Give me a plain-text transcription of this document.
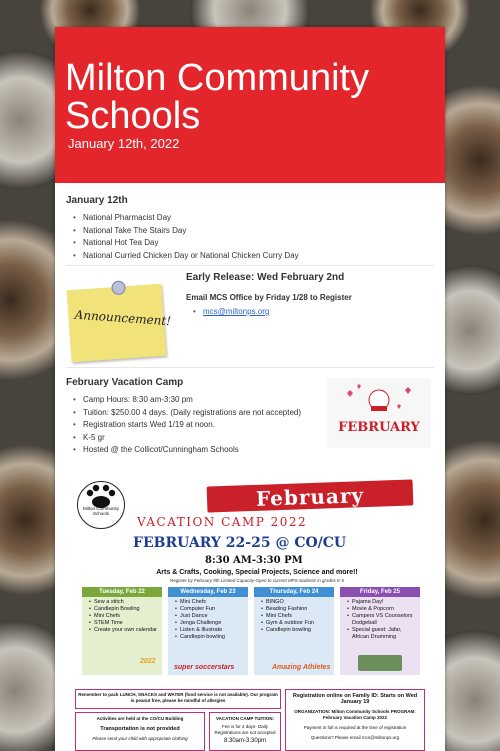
Milton Community Schools
January 12th, 2022
January 12th
• National Pharmacist Day
• National Take The Stairs Day
• National Hot Tea Day
• National Curried Chicken Day or National Chicken Curry Day
Announcement!
Early Release: Wed February 2nd
Email MCS Office by Friday 1/28 to Register
• mcs@miltonps.org
February Vacation Camp
• Camp Hours: 8:30 am-3:30 pm
• Tuition: $250.00 4 days. (Daily registrations are not accepted)
• Registration starts Wed 1/19 at noon.
• K-5 gr
• Hosted @ the Collicot/Cunningham Schools
FEBRUARY
Milton Community Schools
February
VACATION CAMP 2022
FEBRUARY 22-25 @ CO/CU
8:30 AM-3:30 PM
Arts & Crafts, Cooking, Special Projects, Science and more!!
Register by February 9th Limited Capacity-Open to current MPS students in grades K-5
Tuesday, Feb 22
• Sew a stitch
• Candlepin Bowling
• Mini Chefs
• STEM Time
• Create your own calendar
2022
Wednesday, Feb 23
• Mini Chefs
• Computer Fun
• Just Dance
• Jenga Challenge
• Listen & Illustrate
• Candlepin bowling
super soccerstars
Thursday, Feb 24
• BINGO
• Beading Fashion
• Mini Chefs
• Gym & outdoor Fun
• Candlepin bowling
Amazing Athletes
Friday, Feb 25
• Pajama Day!
• Movie & Popcorn
• Campers VS Counselors Dodgeball
• Special guest: Jafar, African Drumming

Remember to pack LUNCH, SNACKS and WATER (food service is not available). Our program is peanut free, please be mindful of allergies

Activities are held at the CO/CU Building

Transportation is not provided

Please send your child with appropriate clothing

VACATION CAMP TUITION:

Fee is for 4 days- Daily Registrations are not accepted

8:30am-3:30pm

Registration online on Family ID: Starts on Wed January 19

ORGANIZATION: Milton Community Schools PROGRAM: February Vacation Camp 2022

Payment in full is required at the time of registration

Questions? Please email mcs@miltonps.org
